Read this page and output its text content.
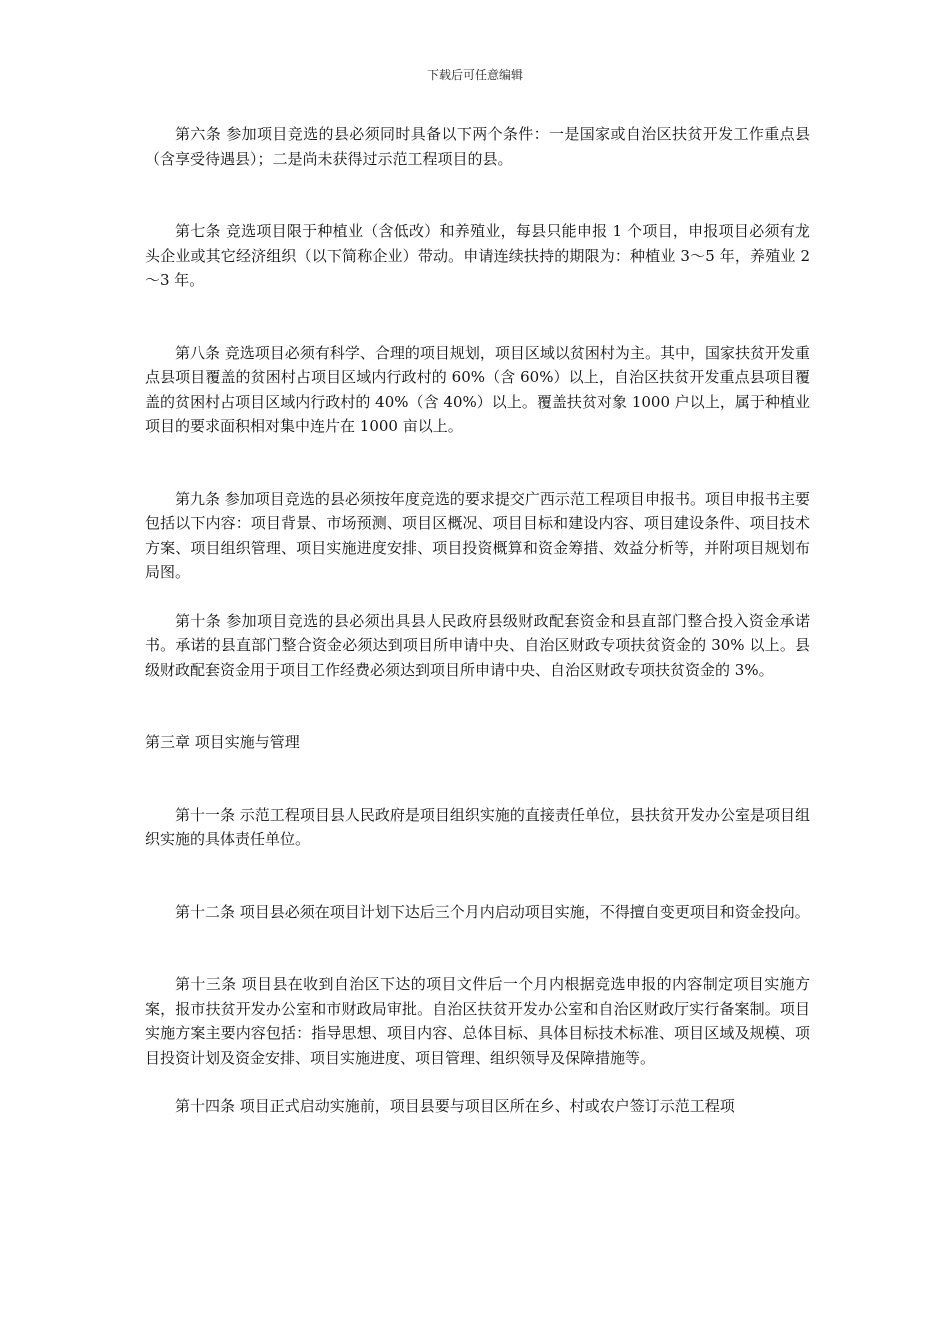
下载后可任意编辑

第六条 参加项目竞选的县必须同时具备以下两个条件：一是国家或自治区扶贫开发工作重点县（含享受待遇县）；二是尚未获得过示范工程项目的县。

第七条 竞选项目限于种植业（含低改）和养殖业，每县只能申报 1 个项目，申报项目必须有龙头企业或其它经济组织（以下简称企业）带动。申请连续扶持的期限为：种植业 3～5 年，养殖业 2～3 年。

第八条 竞选项目必须有科学、合理的项目规划，项目区域以贫困村为主。其中，国家扶贫开发重点县项目覆盖的贫困村占项目区域内行政村的 60%（含 60%）以上，自治区扶贫开发重点县项目覆盖的贫困村占项目区域内行政村的 40%（含 40%）以上。覆盖扶贫对象 1000 户以上，属于种植业项目的要求面积相对集中连片在 1000 亩以上。

第九条 参加项目竞选的县必须按年度竞选的要求提交广西示范工程项目申报书。项目申报书主要包括以下内容：项目背景、市场预测、项目区概况、项目目标和建设内容、项目建设条件、项目技术方案、项目组织管理、项目实施进度安排、项目投资概算和资金筹措、效益分析等，并附项目规划布局图。

第十条 参加项目竞选的县必须出具县人民政府县级财政配套资金和县直部门整合投入资金承诺书。承诺的县直部门整合资金必须达到项目所申请中央、自治区财政专项扶贫资金的 30% 以上。县级财政配套资金用于项目工作经费必须达到项目所申请中央、自治区财政专项扶贫资金的 3%。

第三章 项目实施与管理

第十一条 示范工程项目县人民政府是项目组织实施的直接责任单位，县扶贫开发办公室是项目组织实施的具体责任单位。

第十二条 项目县必须在项目计划下达后三个月内启动项目实施，不得擅自变更项目和资金投向。

第十三条 项目县在收到自治区下达的项目文件后一个月内根据竞选申报的内容制定项目实施方案，报市扶贫开发办公室和市财政局审批。自治区扶贫开发办公室和自治区财政厅实行备案制。项目实施方案主要内容包括：指导思想、项目内容、总体目标、具体目标技术标准、项目区域及规模、项目投资计划及资金安排、项目实施进度、项目管理、组织领导及保障措施等。

第十四条 项目正式启动实施前，项目县要与项目区所在乡、村或农户签订示范工程项
